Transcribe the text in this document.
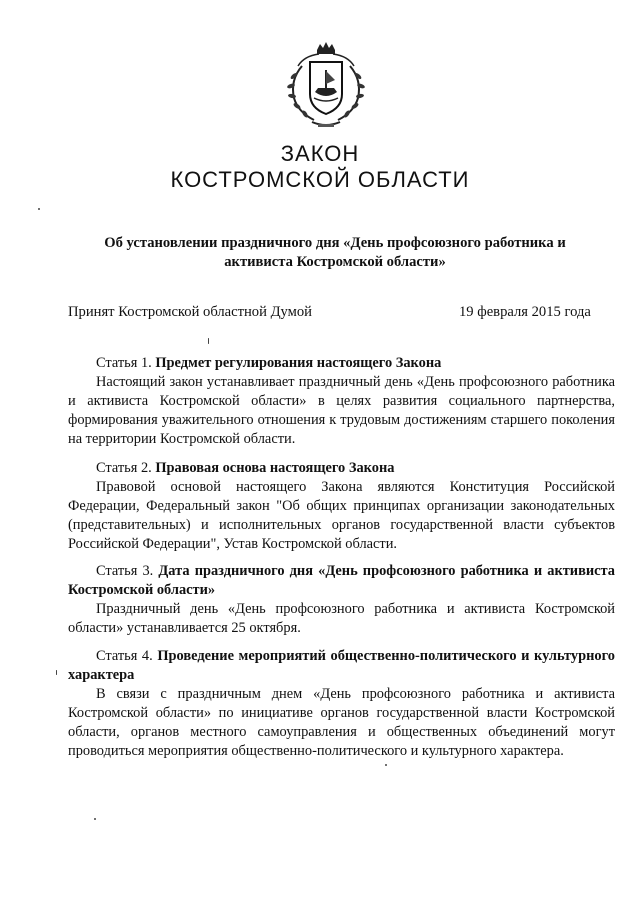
ЗАКОН
КОСТРОМСКОЙ ОБЛАСТИ
Об установлении праздничного дня «День профсоюзного работника и активиста Костромской области»
Принят Костромской областной Думой	19 февраля 2015 года

Статья 1. Предмет регулирования настоящего Закона

Настоящий закон устанавливает праздничный день «День профсоюзного работника и активиста Костромской области» в целях развития социального партнерства, формирования уважительного отношения к трудовым достижениям старшего поколения на территории Костромской области.

Статья 2. Правовая основа настоящего Закона

Правовой основой настоящего Закона являются Конституция Российской Федерации, Федеральный закон "Об общих принципах организации законодательных (представительных) и исполнительных органов государственной власти субъектов Российской Федерации", Устав Костромской области.

Статья 3. Дата праздничного дня «День профсоюзного работника и активиста Костромской области»

Праздничный день «День профсоюзного работника и активиста Костромской области» устанавливается 25 октября.

Статья 4. Проведение мероприятий общественно-политического и культурного характера

В связи с праздничным днем «День профсоюзного работника и активиста Костромской области» по инициативе органов государственной власти Костромской области, органов местного самоуправления и общественных объединений могут проводиться мероприятия общественно-политического и культурного характера.
